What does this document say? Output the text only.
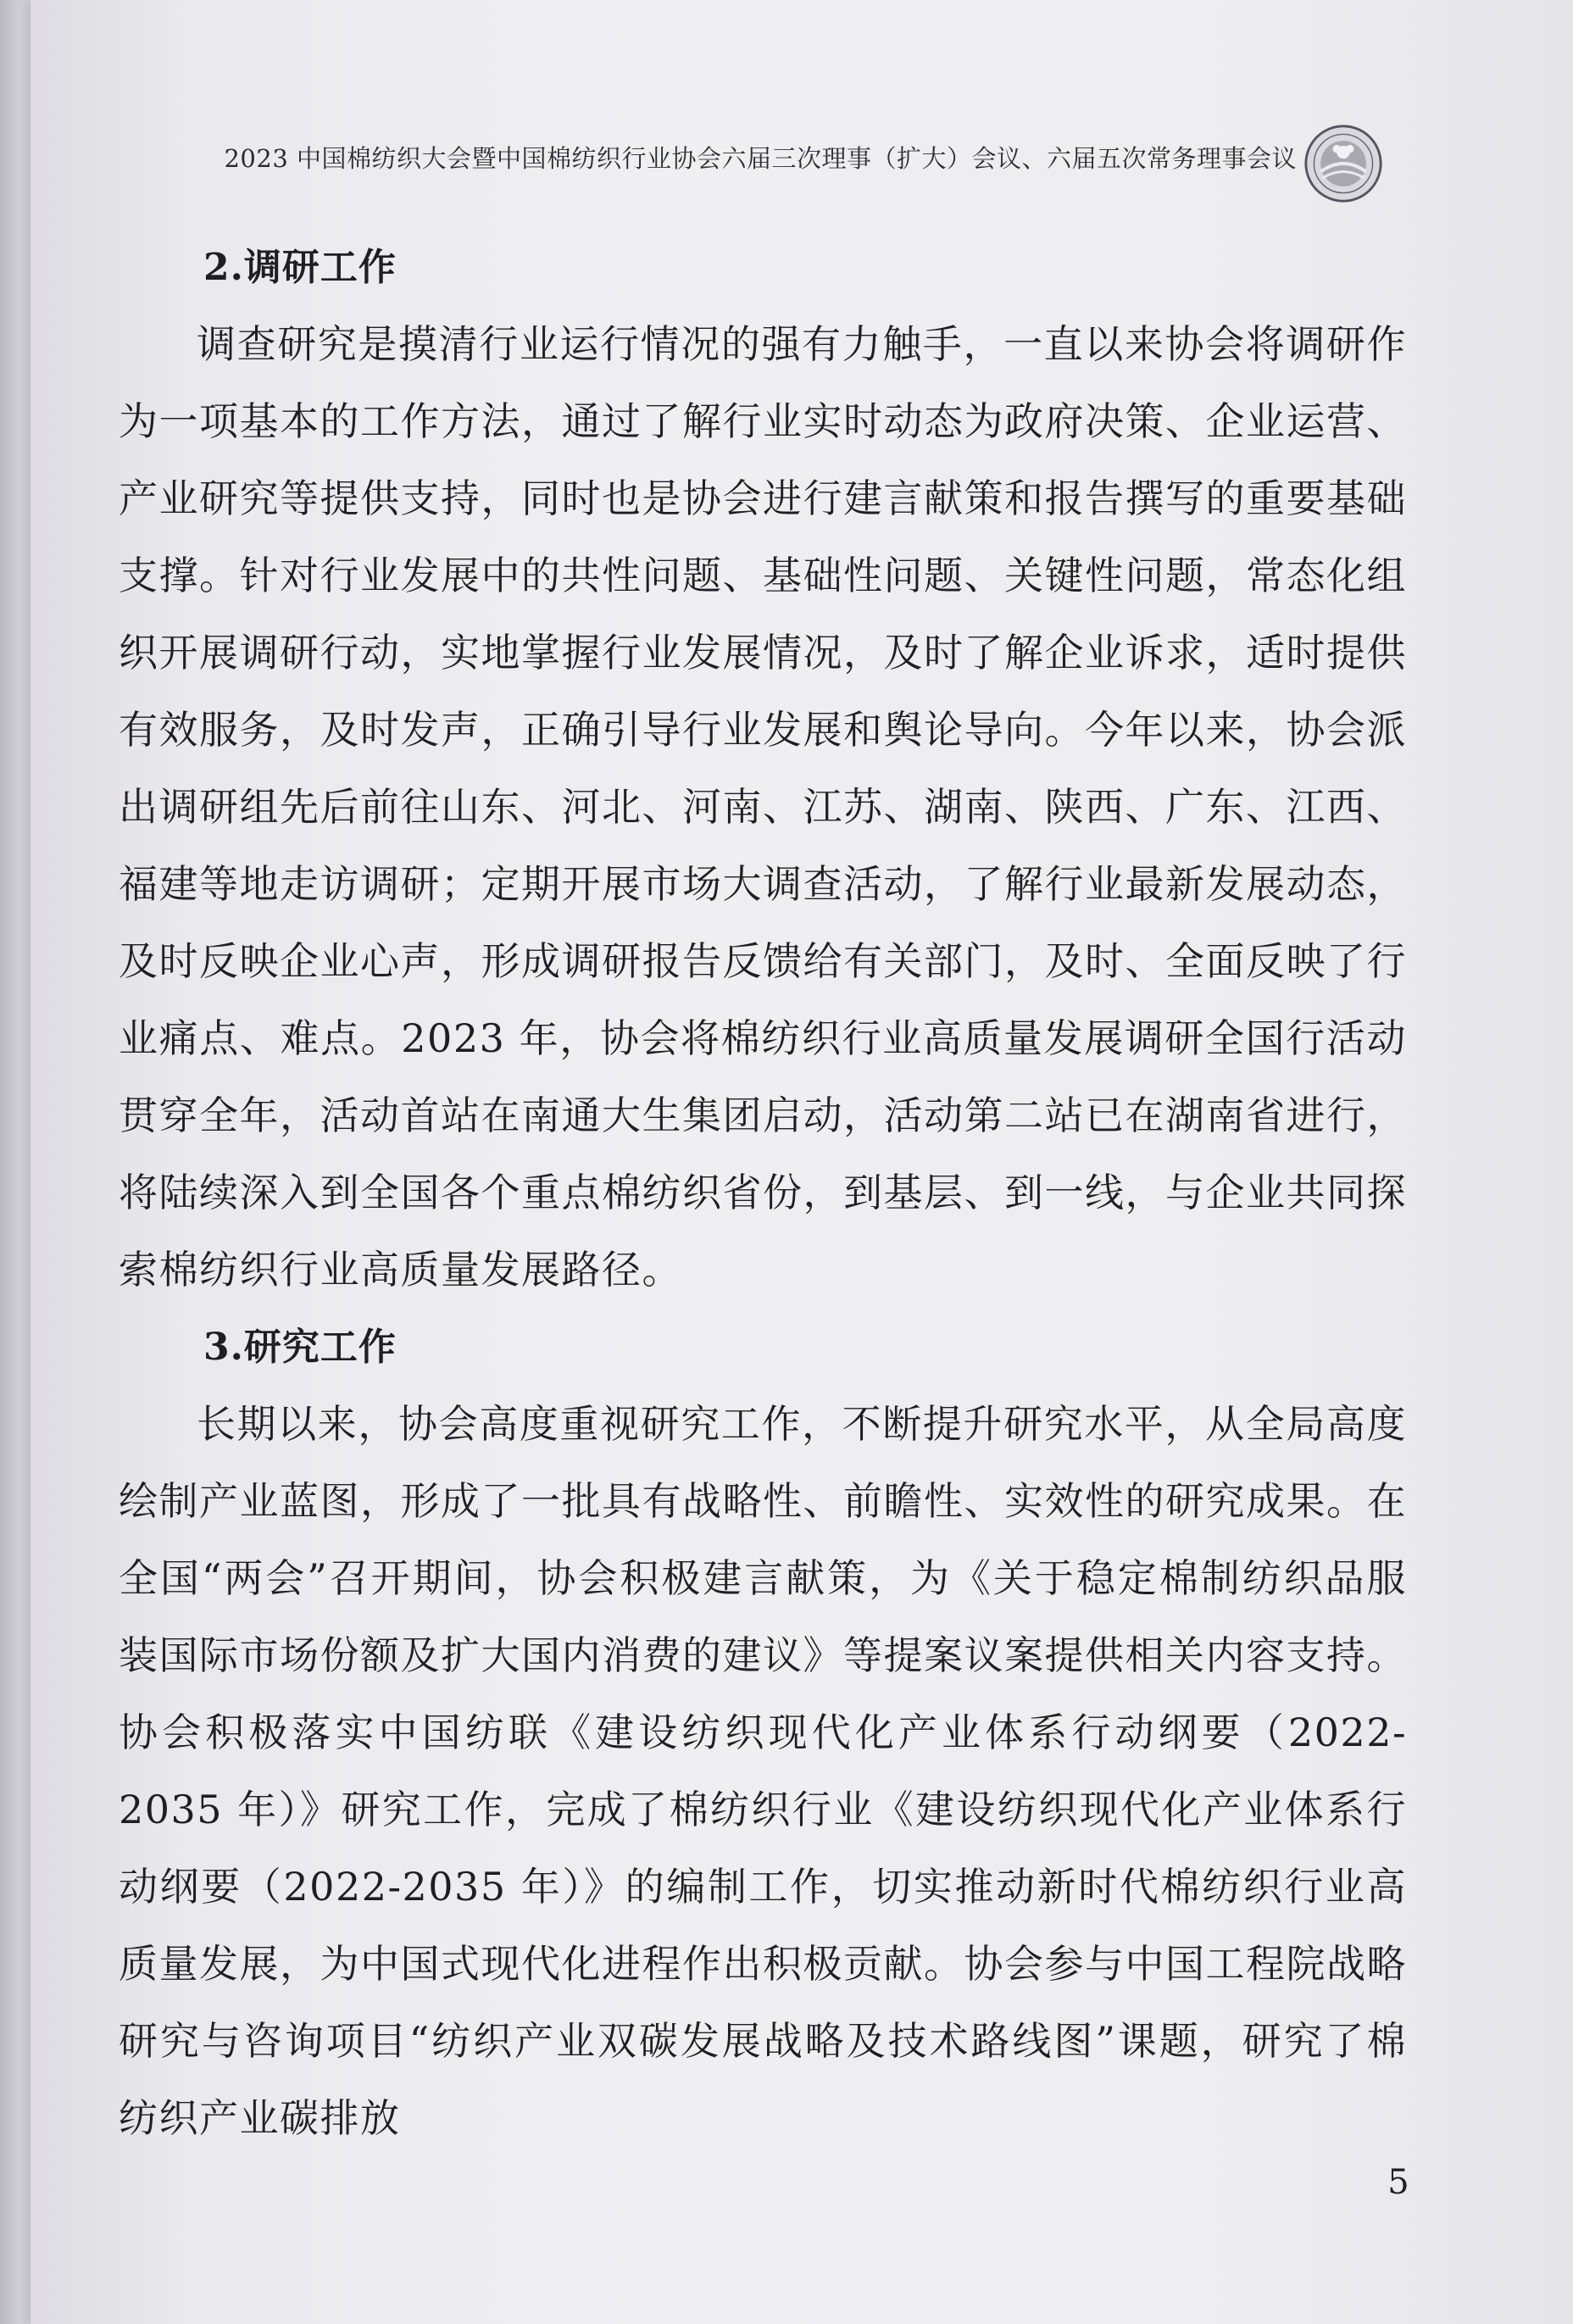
2023 中国棉纺织大会暨中国棉纺织行业协会六届三次理事（扩大）会议、六届五次常务理事会议

2.调研工作

调查研究是摸清行业运行情况的强有力触手，一直以来协会将调研作为一项基本的工作方法，通过了解行业实时动态为政府决策、企业运营、产业研究等提供支持，同时也是协会进行建言献策和报告撰写的重要基础支撑。针对行业发展中的共性问题、基础性问题、关键性问题，常态化组织开展调研行动，实地掌握行业发展情况，及时了解企业诉求，适时提供有效服务，及时发声，正确引导行业发展和舆论导向。今年以来，协会派出调研组先后前往山东、河北、河南、江苏、湖南、陕西、广东、江西、福建等地走访调研；定期开展市场大调查活动，了解行业最新发展动态，及时反映企业心声，形成调研报告反馈给有关部门，及时、全面反映了行业痛点、难点。2023 年，协会将棉纺织行业高质量发展调研全国行活动贯穿全年，活动首站在南通大生集团启动，活动第二站已在湖南省进行，将陆续深入到全国各个重点棉纺织省份，到基层、到一线，与企业共同探索棉纺织行业高质量发展路径。

3.研究工作

长期以来，协会高度重视研究工作，不断提升研究水平，从全局高度绘制产业蓝图，形成了一批具有战略性、前瞻性、实效性的研究成果。在全国“两会”召开期间，协会积极建言献策，为《关于稳定棉制纺织品服装国际市场份额及扩大国内消费的建议》等提案议案提供相关内容支持。协会积极落实中国纺联《建设纺织现代化产业体系行动纲要（2022-2035 年）》研究工作，完成了棉纺织行业《建设纺织现代化产业体系行动纲要（2022-2035 年）》的编制工作，切实推动新时代棉纺织行业高质量发展，为中国式现代化进程作出积极贡献。协会参与中国工程院战略研究与咨询项目“纺织产业双碳发展战略及技术路线图”课题，研究了棉纺织产业碳排放

5
